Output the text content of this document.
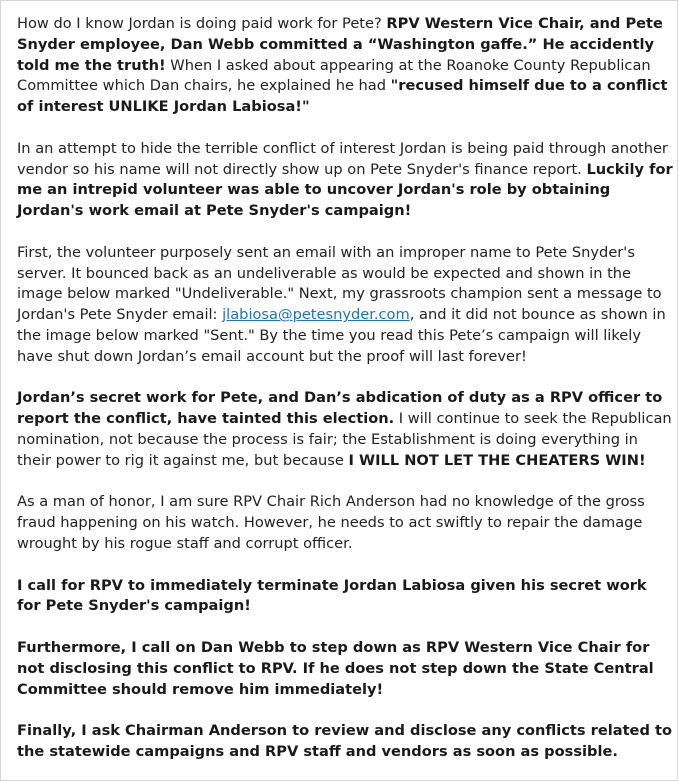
How do I know Jordan is doing paid work for Pete? RPV Western Vice Chair, and Pete Snyder employee, Dan Webb committed a “Washington gaffe.” He accidently told me the truth! When I asked about appearing at the Roanoke County Republican Committee which Dan chairs, he explained he had "recused himself due to a conflict of interest UNLIKE Jordan Labiosa!"

In an attempt to hide the terrible conflict of interest Jordan is being paid through another vendor so his name will not directly show up on Pete Snyder's finance report. Luckily for me an intrepid volunteer was able to uncover Jordan's role by obtaining Jordan's work email at Pete Snyder's campaign!

First, the volunteer purposely sent an email with an improper name to Pete Snyder's server. It bounced back as an undeliverable as would be expected and shown in the image below marked "Undeliverable." Next, my grassroots champion sent a message to Jordan's Pete Snyder email: jlabiosa@petesnyder.com, and it did not bounce as shown in the image below marked "Sent." By the time you read this Pete’s campaign will likely have shut down Jordan’s email account but the proof will last forever!

Jordan’s secret work for Pete, and Dan’s abdication of duty as a RPV officer to report the conflict, have tainted this election. I will continue to seek the Republican nomination, not because the process is fair; the Establishment is doing everything in their power to rig it against me, but because I WILL NOT LET THE CHEATERS WIN!

As a man of honor, I am sure RPV Chair Rich Anderson had no knowledge of the gross fraud happening on his watch. However, he needs to act swiftly to repair the damage wrought by his rogue staff and corrupt officer.

I call for RPV to immediately terminate Jordan Labiosa given his secret work for Pete Snyder's campaign!

Furthermore, I call on Dan Webb to step down as RPV Western Vice Chair for not disclosing this conflict to RPV. If he does not step down the State Central Committee should remove him immediately!

Finally, I ask Chairman Anderson to review and disclose any conflicts related to the statewide campaigns and RPV staff and vendors as soon as possible.
